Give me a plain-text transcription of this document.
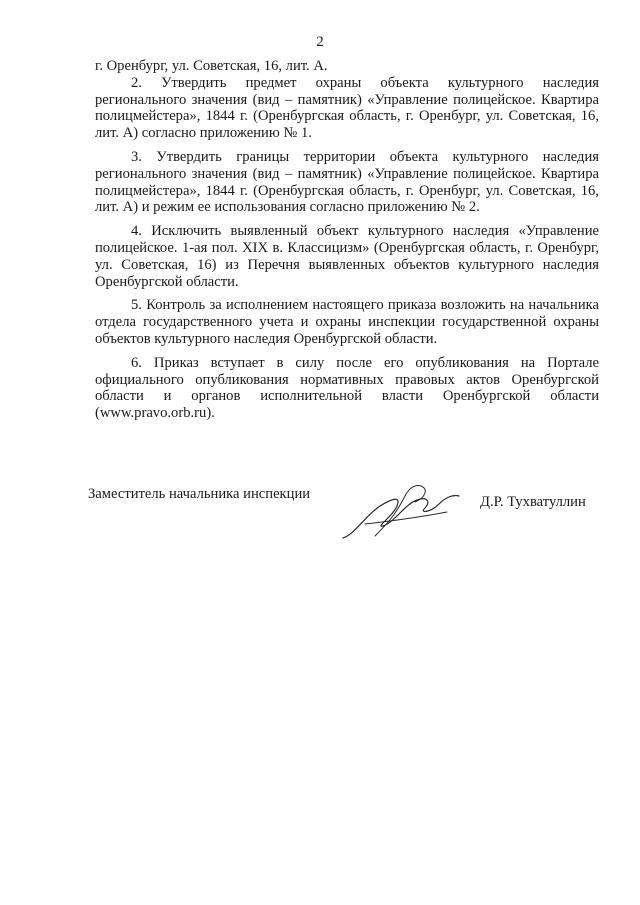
2

г. Оренбург, ул. Советская, 16, лит. А.

2. Утвердить предмет охраны объекта культурного наследия регионального значения (вид – памятник) «Управление полицейское. Квартира полицмейстера», 1844 г. (Оренбургская область, г. Оренбург, ул. Советская, 16, лит. А) согласно приложению № 1.

3. Утвердить границы территории объекта культурного наследия регионального значения (вид – памятник) «Управление полицейское. Квартира полицмейстера», 1844 г. (Оренбургская область, г. Оренбург, ул. Советская, 16, лит. А) и режим ее использования согласно приложению № 2.

4. Исключить выявленный объект культурного наследия «Управление полицейское. 1-ая пол. XIX в. Классицизм» (Оренбургская область, г. Оренбург, ул. Советская, 16) из Перечня выявленных объектов культурного наследия Оренбургской области.

5. Контроль за исполнением настоящего приказа возложить на начальника отдела государственного учета и охраны инспекции государственной охраны объектов культурного наследия Оренбургской области.

6. Приказ вступает в силу после его опубликования на Портале официального опубликования нормативных правовых актов Оренбургской области и органов исполнительной власти Оренбургской области (www.pravo.orb.ru).

Заместитель начальника инспекции	Д.Р. Тухватуллин
